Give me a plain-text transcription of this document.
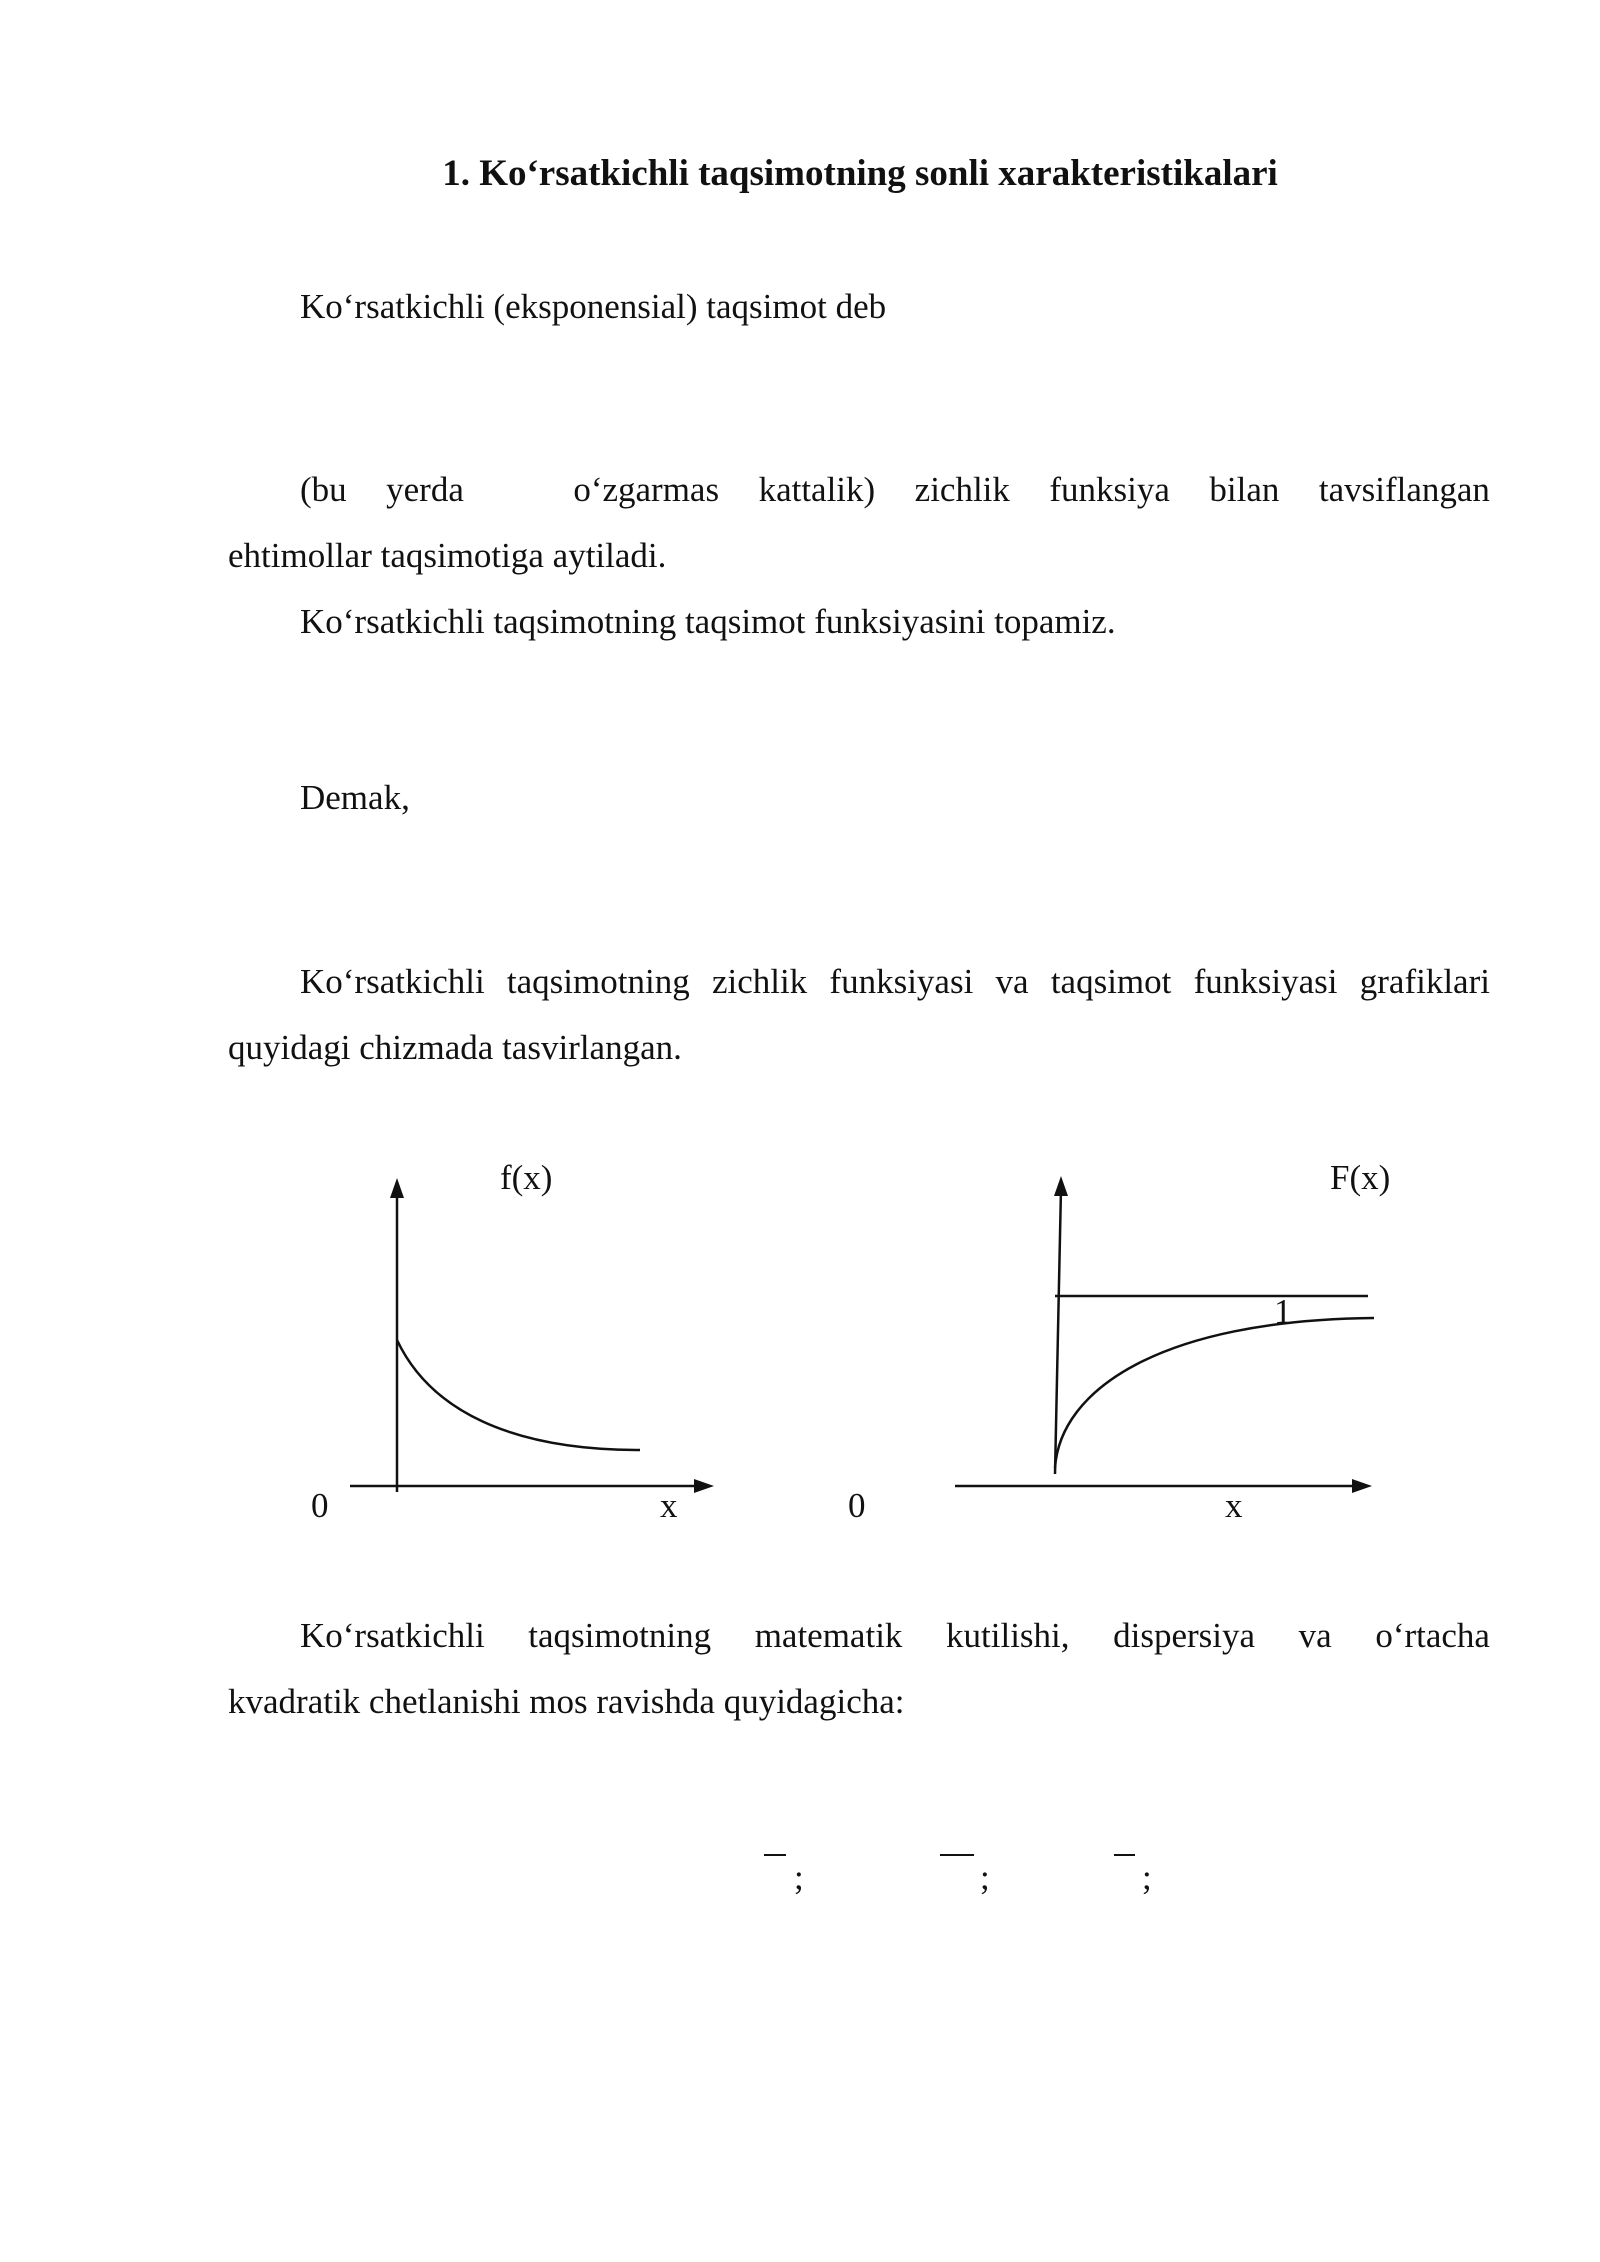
1. Ko‘rsatkichli taqsimotning sonli xarakteristikalari
Ko‘rsatkichli (eksponensial) taqsimot deb
(bu yerda	o‘zgarmas kattalik) zichlik funksiya bilan tavsiflangan
ehtimollar taqsimotiga aytiladi.
Ko‘rsatkichli taqsimotning taqsimot funksiyasini topamiz.
Demak,
Ko‘rsatkichli taqsimotning zichlik funksiyasi va taqsimot funksiyasi grafiklari
quyidagi chizmada tasvirlangan.
f(x)
0	x
F(x)
1
0	x
Ko‘rsatkichli taqsimotning matematik kutilishi, dispersiya va o‘rtacha
kvadratik chetlanishi mos ravishda quyidagicha:
;	;	;
